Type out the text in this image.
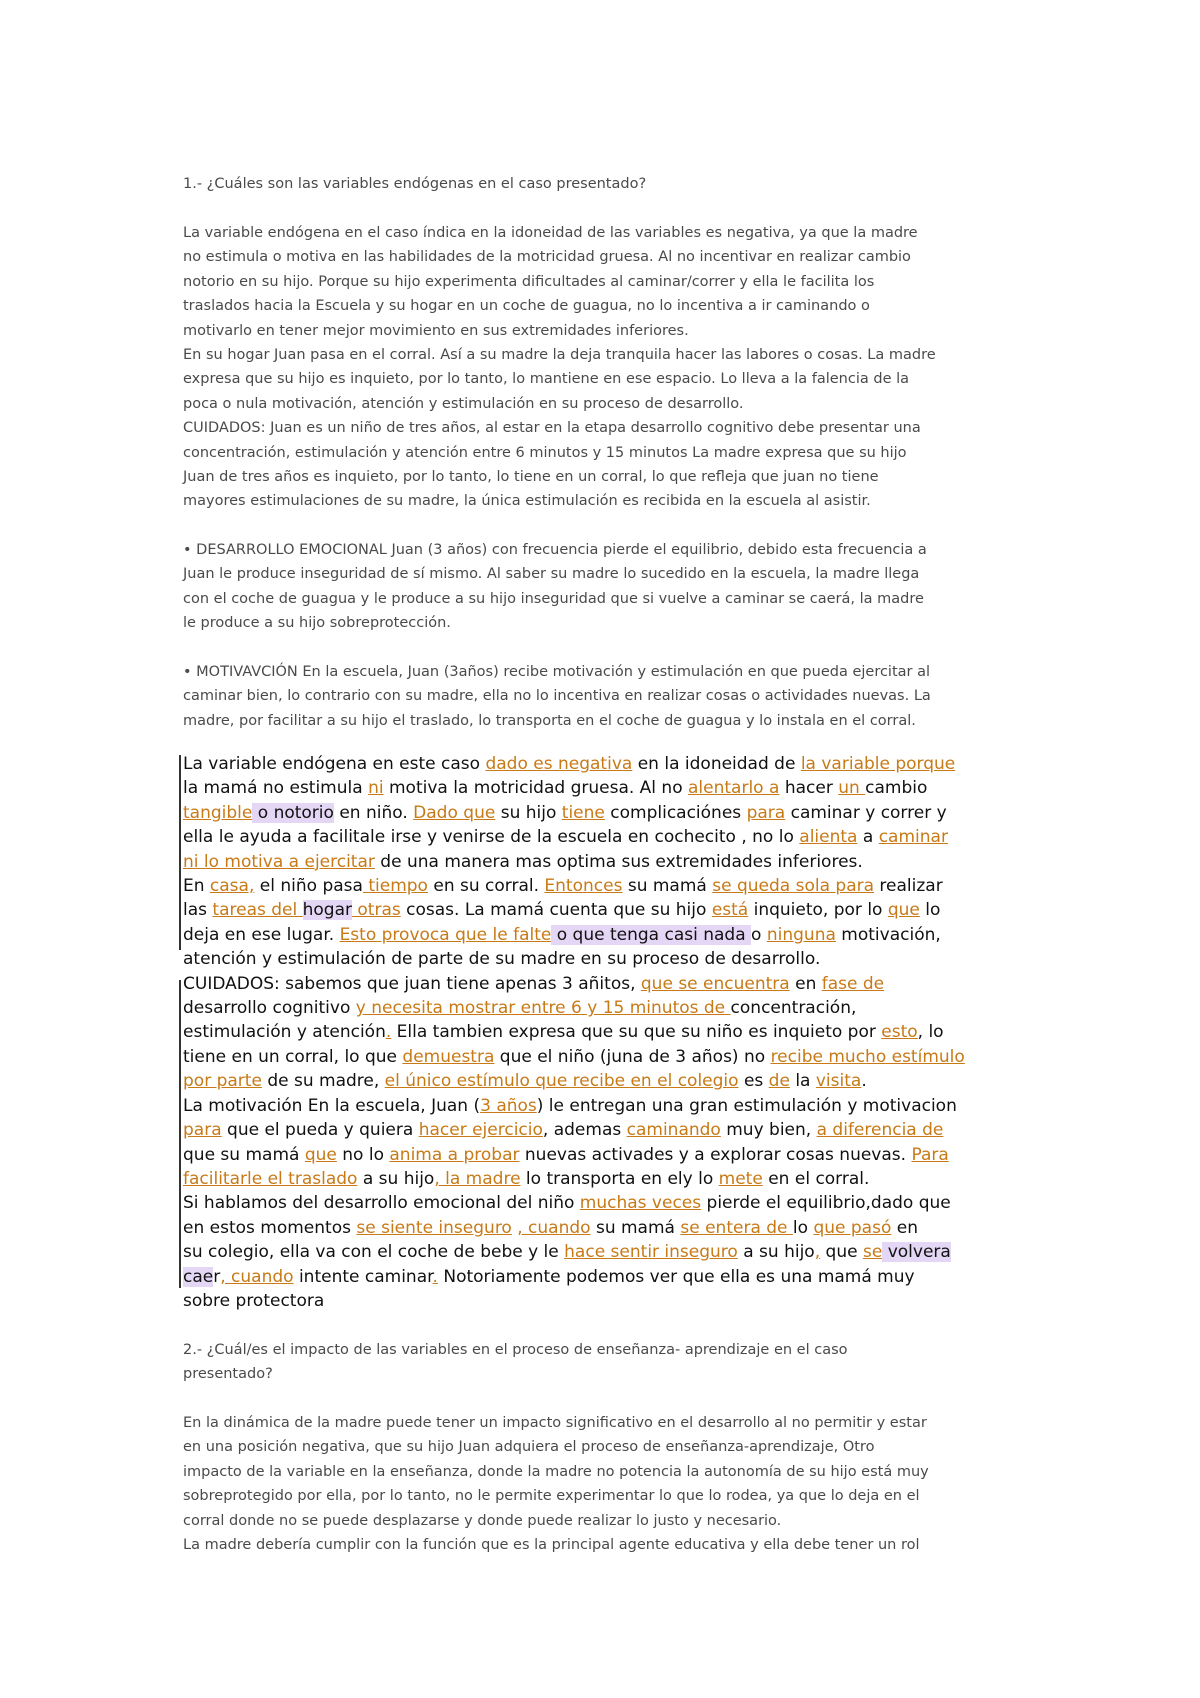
1.- ¿Cuáles son las variables endógenas en el caso presentado?

La variable endógena en el caso índica en la idoneidad de las variables es negativa, ya que la madre
no estimula o motiva en las habilidades de la motricidad gruesa. Al no incentivar en realizar cambio
notorio en su hijo. Porque su hijo experimenta dificultades al caminar/correr y ella le facilita los
traslados hacia la Escuela y su hogar en un coche de guagua, no lo incentiva a ir caminando o
motivarlo en tener mejor movimiento en sus extremidades inferiores.
En su hogar Juan pasa en el corral. Así a su madre la deja tranquila hacer las labores o cosas. La madre
expresa que su hijo es inquieto, por lo tanto, lo mantiene en ese espacio. Lo lleva a la falencia de la
poca o nula motivación, atención y estimulación en su proceso de desarrollo.
CUIDADOS: Juan es un niño de tres años, al estar en la etapa desarrollo cognitivo debe presentar una
concentración, estimulación y atención entre 6 minutos y 15 minutos La madre expresa que su hijo
Juan de tres años es inquieto, por lo tanto, lo tiene en un corral, lo que refleja que juan no tiene
mayores estimulaciones de su madre, la única estimulación es recibida en la escuela al asistir.
• DESARROLLO EMOCIONAL Juan (3 años) con frecuencia pierde el equilibrio, debido esta frecuencia a
Juan le produce inseguridad de sí mismo. Al saber su madre lo sucedido en la escuela, la madre llega
con el coche de guagua y le produce a su hijo inseguridad que si vuelve a caminar se caerá, la madre
le produce a su hijo sobreprotección.
• MOTIVAVCIÓN En la escuela, Juan (3años) recibe motivación y estimulación en que pueda ejercitar al
caminar bien, lo contrario con su madre, ella no lo incentiva en realizar cosas o actividades nuevas. La
madre, por facilitar a su hijo el traslado, lo transporta en el coche de guagua y lo instala en el corral.
La variable endógena en este caso dado es negativa en la idoneidad de la variable porque
la mamá no estimula ni motiva la motricidad gruesa. Al no alentarlo a hacer un cambio
tangible o notorio en niño. Dado que su hijo tiene complicaciónes para caminar y correr y
ella le ayuda a facilitale irse y venirse de la escuela en cochecito , no lo alienta a caminar
ni lo motiva a ejercitar de una manera mas optima sus extremidades inferiores.
En casa, el niño pasa tiempo en su corral. Entonces su mamá se queda sola para realizar
las tareas del hogar otras cosas. La mamá cuenta que su hijo está inquieto, por lo que lo
deja en ese lugar. Esto provoca que le falte o que tenga casi nada o ninguna motivación,
atención y estimulación de parte de su madre en su proceso de desarrollo.
CUIDADOS: sabemos que juan tiene apenas 3 añitos, que se encuentra en fase de
desarrollo cognitivo y necesita mostrar entre 6 y 15 minutos de concentración,
estimulación y atención. Ella tambien expresa que su que su niño es inquieto por esto, lo
tiene en un corral, lo que demuestra que el niño (juna de 3 años) no recibe mucho estímulo
por parte de su madre, el único estímulo que recibe en el colegio es de la visita.
La motivación En la escuela, Juan (3 años) le entregan una gran estimulación y motivacion
para que el pueda y quiera hacer ejercicio, ademas caminando muy bien, a diferencia de
que su mamá que no lo anima a probar nuevas activades y a explorar cosas nuevas. Para
facilitarle el traslado a su hijo, la madre lo transporta en ely lo mete en el corral.
Si hablamos del desarrollo emocional del niño muchas veces pierde el equilibrio,dado que
en estos momentos se siente inseguro , cuando su mamá se entera de lo que pasó en
su colegio, ella va con el coche de bebe y le hace sentir inseguro a su hijo, que se volvera
caer, cuando intente caminar. Notoriamente podemos ver que ella es una mamá muy
sobre protectora
2.- ¿Cuál/es el impacto de las variables en el proceso de enseñanza- aprendizaje en el caso
presentado?
En la dinámica de la madre puede tener un impacto significativo en el desarrollo al no permitir y estar
en una posición negativa, que su hijo Juan adquiera el proceso de enseñanza-aprendizaje, Otro
impacto de la variable en la enseñanza, donde la madre no potencia la autonomía de su hijo está muy
sobreprotegido por ella, por lo tanto, no le permite experimentar lo que lo rodea, ya que lo deja en el
corral donde no se puede desplazarse y donde puede realizar lo justo y necesario.
La madre debería cumplir con la función que es la principal agente educativa y ella debe tener un rol
